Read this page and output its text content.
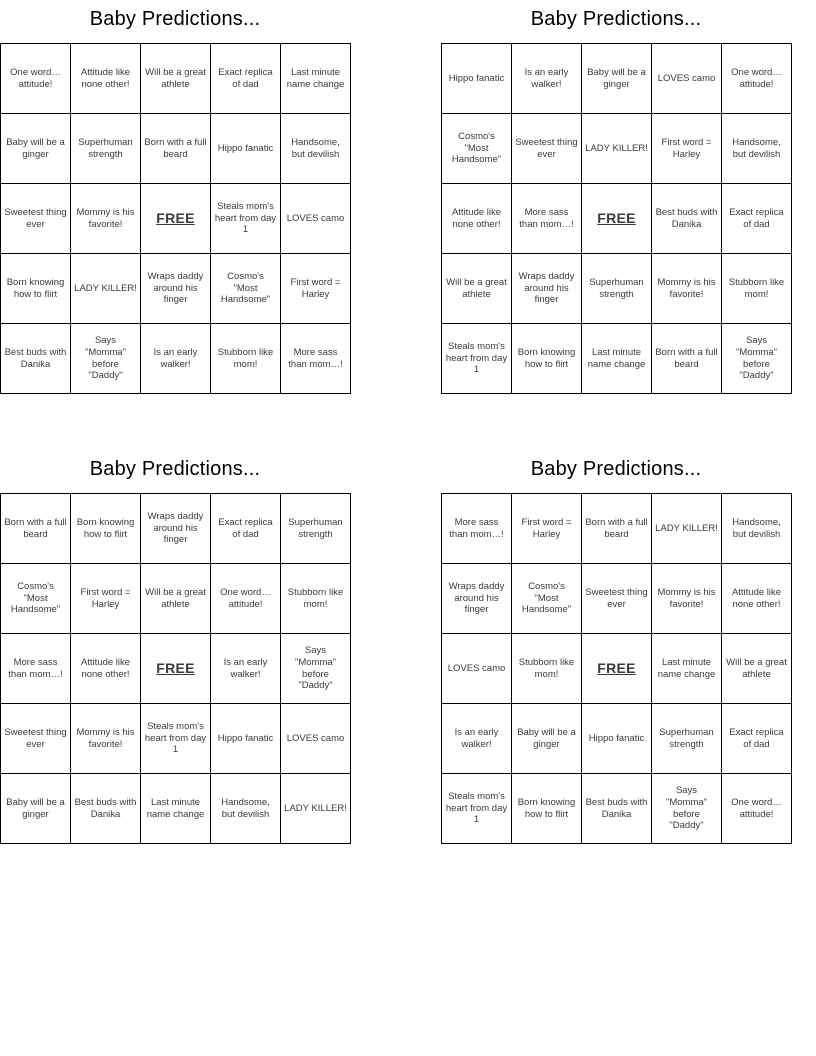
Baby Predictions...
One word…attitude!	Attitude like none other!	Will be a great athlete	Exact replica of dad	Last minute name change
Baby will be a ginger	Superhuman strength	Born with a full beard	Hippo fanatic	Handsome, but devilish
Sweetest thing ever	Mommy is his favorite!	FREE	Steals mom's heart from day 1	LOVES camo
Born knowing how to flirt	LADY KILLER!	Wraps daddy around his finger	Cosmo's "Most Handsome"	First word = Harley
Best buds with Danika	Says "Momma" before "Daddy"	Is an early walker!	Stubborn like mom!	More sass than mom…!
Baby Predictions...
Hippo fanatic	Is an early walker!	Baby will be a ginger	LOVES camo	One word…attitude!
Cosmo's "Most Handsome"	Sweetest thing ever	LADY KILLER!	First word = Harley	Handsome, but devilish
Attitude like none other!	More sass than mom…!	FREE	Best buds with Danika	Exact replica of dad
Will be a great athlete	Wraps daddy around his finger	Superhuman strength	Mommy is his favorite!	Stubborn like mom!
Steals mom's heart from day 1	Born knowing how to flirt	Last minute name change	Born with a full beard	Says "Momma" before "Daddy"
Baby Predictions...
Born with a full beard	Born knowing how to flirt	Wraps daddy around his finger	Exact replica of dad	Superhuman strength
Cosmo's "Most Handsome"	First word = Harley	Will be a great athlete	One word…attitude!	Stubborn like mom!
More sass than mom…!	Attitude like none other!	FREE	Is an early walker!	Says "Momma" before "Daddy"
Sweetest thing ever	Mommy is his favorite!	Steals mom's heart from day 1	Hippo fanatic	LOVES camo
Baby will be a ginger	Best buds with Danika	Last minute name change	Handsome, but devilish	LADY KILLER!
Baby Predictions...
More sass than mom…!	First word = Harley	Born with a full beard	LADY KILLER!	Handsome, but devilish
Wraps daddy around his finger	Cosmo's "Most Handsome"	Sweetest thing ever	Mommy is his favorite!	Attitude like none other!
LOVES camo	Stubborn like mom!	FREE	Last minute name change	Will be a great athlete
Is an early walker!	Baby will be a ginger	Hippo fanatic	Superhuman strength	Exact replica of dad
Steals mom's heart from day 1	Born knowing how to flirt	Best buds with Danika	Says "Momma" before "Daddy"	One word…attitude!
